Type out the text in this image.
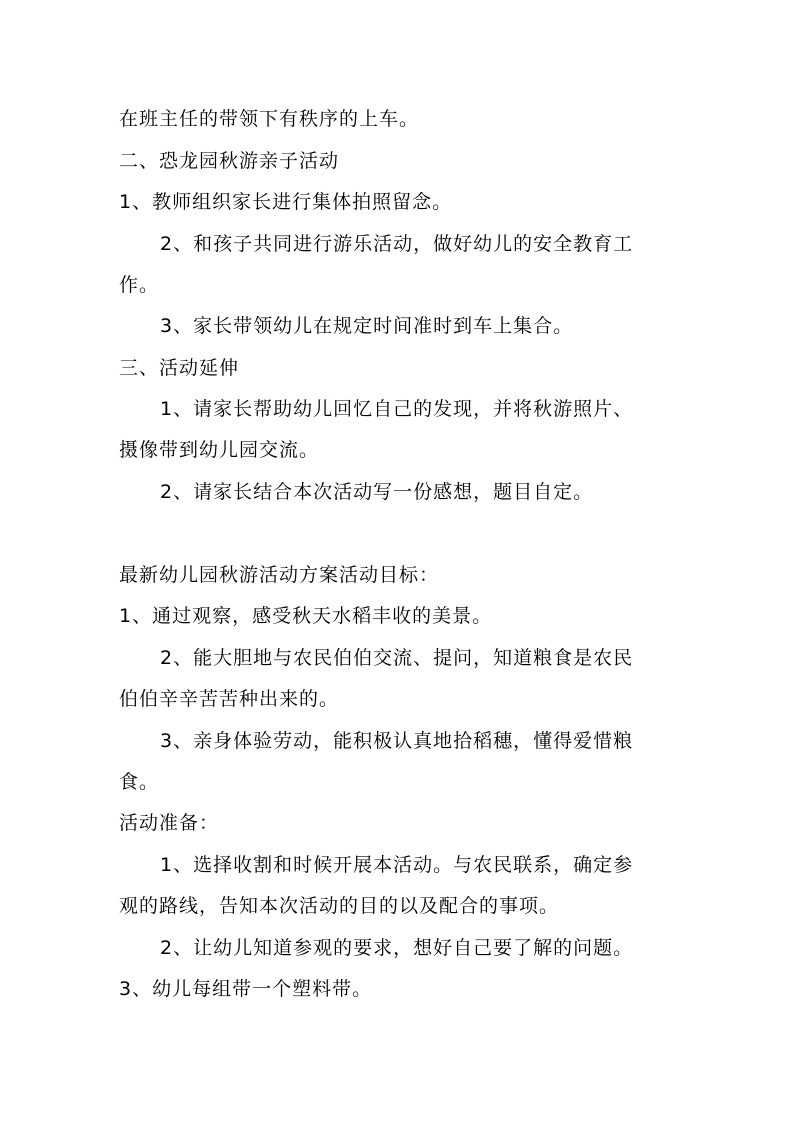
在班主任的带领下有秩序的上车。
二、恐龙园秋游亲子活动
1、教师组织家长进行集体拍照留念。
2、和孩子共同进行游乐活动，做好幼儿的安全教育工
作。
3、家长带领幼儿在规定时间准时到车上集合。
三、活动延伸
1、请家长帮助幼儿回忆自己的发现，并将秋游照片、
摄像带到幼儿园交流。
2、请家长结合本次活动写一份感想，题目自定。
最新幼儿园秋游活动方案活动目标：
1、通过观察，感受秋天水稻丰收的美景。
2、能大胆地与农民伯伯交流、提问，知道粮食是农民
伯伯辛辛苦苦种出来的。
3、亲身体验劳动，能积极认真地拾稻穗，懂得爱惜粮
食。
活动准备：
1、选择收割和时候开展本活动。与农民联系，确定参
观的路线，告知本次活动的目的以及配合的事项。
2、让幼儿知道参观的要求，想好自己要了解的问题。
3、幼儿每组带一个塑料带。
